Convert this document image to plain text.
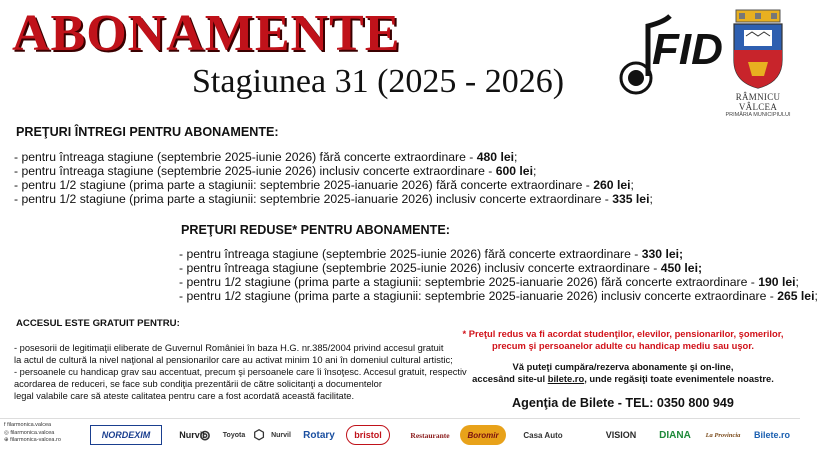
ABONAMENTE
Stagiunea 31 (2025 - 2026)
FID
RÂMNICU VÂLCEA
PRIMĂRIA MUNICIPIULUI
PREŢURI ÎNTREGI PENTRU ABONAMENTE:
- pentru întreaga stagiune (septembrie 2025-iunie 2026) fără concerte extraordinare - 480 lei;
- pentru întreaga stagiune (septembrie 2025-iunie 2026) inclusiv concerte extraordinare - 600 lei;
- pentru 1/2 stagiune (prima parte a stagiunii: septembrie 2025-ianuarie 2026) fără concerte extraordinare - 260 lei;
- pentru 1/2 stagiune (prima parte a stagiunii: septembrie 2025-ianuarie 2026) inclusiv concerte extraordinare - 335 lei;
PREŢURI REDUSE* PENTRU ABONAMENTE:
- pentru întreaga stagiune (septembrie 2025-iunie 2026) fără concerte extraordinare - 330 lei;
- pentru întreaga stagiune (septembrie 2025-iunie 2026) inclusiv concerte extraordinare - 450 lei;
- pentru 1/2 stagiune (prima parte a stagiunii: septembrie 2025-ianuarie 2026) fără concerte extraordinare - 190 lei;
- pentru 1/2 stagiune (prima parte a stagiunii: septembrie 2025-ianuarie 2026) inclusiv concerte extraordinare - 265 lei;
ACCESUL ESTE GRATUIT PENTRU:

- posesorii de legitimaţii eliberate de Guvernul României în baza H.G. nr.385/2004 privind accesul gratuit

la actul de cultură la nivel naţional al pensionarilor care au activat minim 10 ani în domeniul cultural artistic;

- persoanele cu handicap grav sau accentuat, precum şi persoanele care îi însoţesc. Accesul gratuit, respectiv

acordarea de reduceri, se face sub condiţia prezentării de către solicitanţi a documentelor

legal valabile care să ateste calitatea pentru care a fost acordată această facilitate.

* Preţul redus va fi acordat studenţilor, elevilor, pensionarilor, şomerilor,

precum şi persoanelor adulte cu handicap mediu sau uşor.

Vă puteţi cumpăra/rezerva abonamente şi on-line,

accesând site-ul bilete.ro, unde regăsiţi toate evenimentele noastre.

Agenţia de Bilete - TEL: 0350 800 949
f filarmonica.valcea
◎ filarmonica.valcea
⊕ filarmonica-valcea.ro	NORDEXIM	Nurvil
⊚	Toyota ⬡ Nurvil	Rotary	bristol	Restaurante	Boromir	Casa Auto	VISION	DIANA	La Provincia	Bilete.ro
